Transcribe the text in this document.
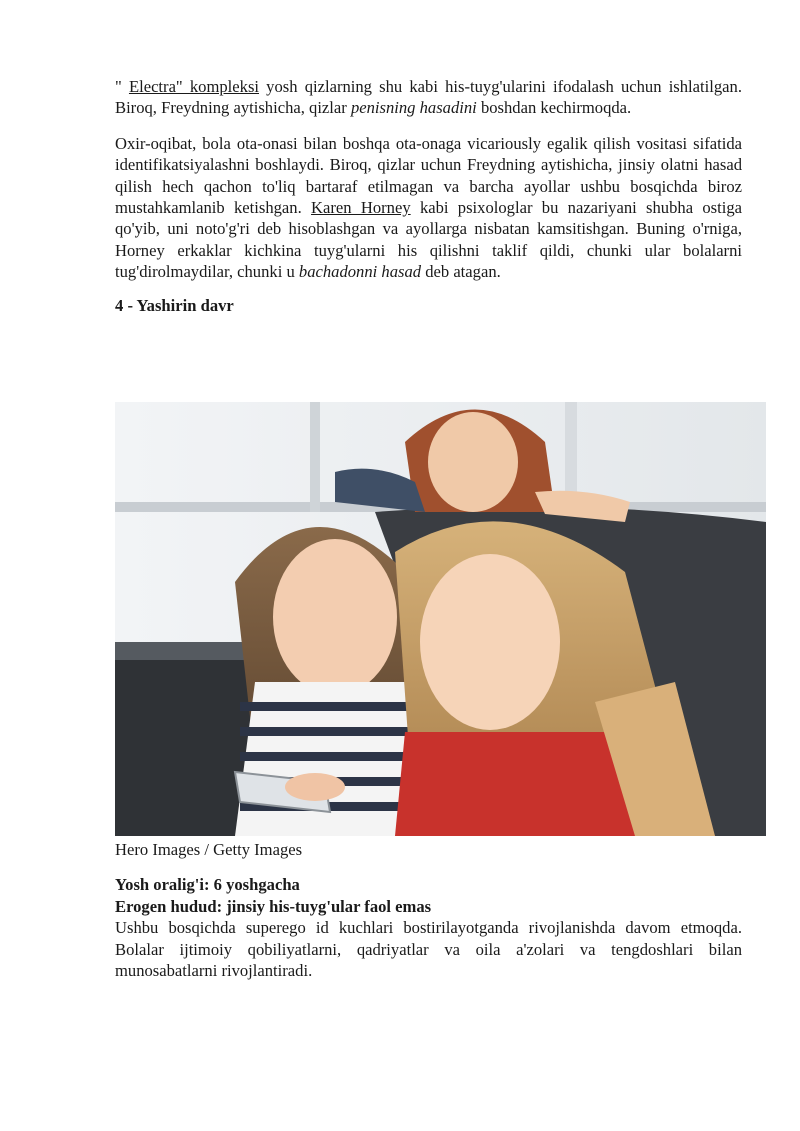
" Electra" kompleksi yosh qizlarning shu kabi his-tuyg'ularini ifodalash uchun ishlatilgan. Biroq, Freydning aytishicha, qizlar penisning hasadini boshdan kechirmoqda.

Oxir-oqibat, bola ota-onasi bilan boshqa ota-onaga vicariously egalik qilish vositasi sifatida identifikatsiyalashni boshlaydi. Biroq, qizlar uchun Freydning aytishicha, jinsiy olatni hasad qilish hech qachon to'liq bartaraf etilmagan va barcha ayollar ushbu bosqichda biroz mustahkamlanib ketishgan. Karen Horney kabi psixologlar bu nazariyani shubha ostiga qo'yib, uni noto'g'ri deb hisoblashgan va ayollarga nisbatan kamsitishgan. Buning o'rniga, Horney erkaklar kichkina tuyg'ularni his qilishni taklif qildi, chunki ular bolalarni tug'dirolmaydilar, chunki u bachadonni hasad deb atagan.

4 - Yashirin davr
Hero Images / Getty Images
Yosh oralig'i: 6 yoshgacha
Erogen hudud: jinsiy his-tuyg'ular faol emas

Ushbu bosqichda superego id kuchlari bostirilayotganda rivojlanishda davom etmoqda. Bolalar ijtimoiy qobiliyatlarni, qadriyatlar va oila a'zolari va tengdoshlari bilan munosabatlarni rivojlantiradi.
